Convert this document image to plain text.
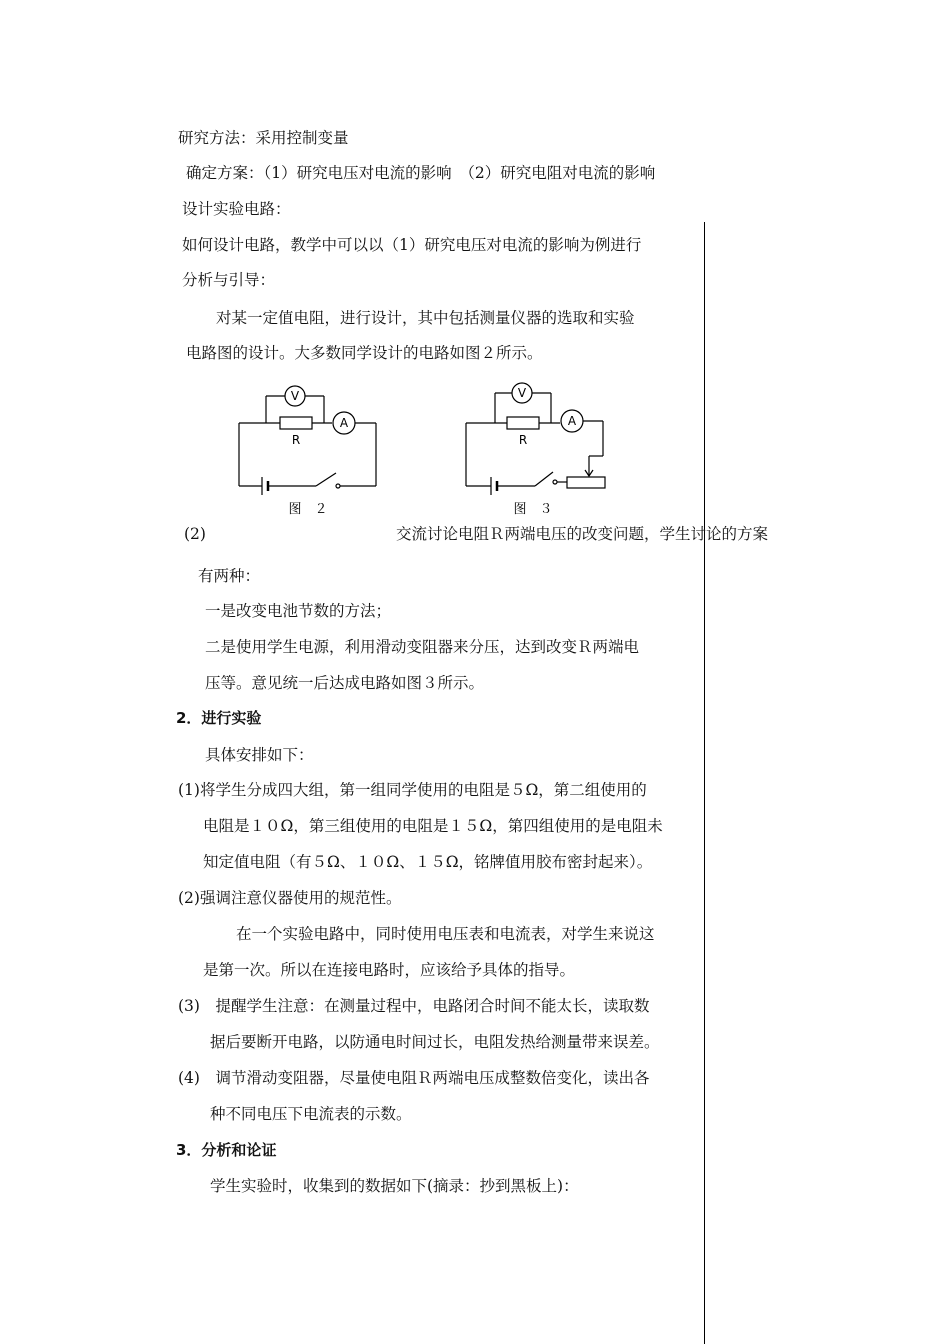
研究方法：采用控制变量
确定方案：（1）研究电压对电流的影响　（2）研究电阻对电流的影响
设计实验电路：
如何设计电路，教学中可以以（1）研究电压对电流的影响为例进行
分析与引导：
对某一定值电阻，进行设计，其中包括测量仪器的选取和实验
电路图的设计。大多数同学设计的电路如图２所示。
V
A
R
图　２
V
A
R
图　３
(2)	交流讨论电阻Ｒ两端电压的改变问题，学生讨论的方案
有两种：
一是改变电池节数的方法；
二是使用学生电源，利用滑动变阻器来分压，达到改变Ｒ两端电
压等。意见统一后达成电路如图３所示。
2．进行实验
具体安排如下：
(1)将学生分成四大组，第一组同学使用的电阻是５Ω，第二组使用的
电阻是１０Ω，第三组使用的电阻是１５Ω，第四组使用的是电阻未
知定值电阻（有５Ω、１０Ω、１５Ω，铭牌值用胶布密封起来）。
(2)强调注意仪器使用的规范性。
在一个实验电路中，同时使用电压表和电流表，对学生来说这
是第一次。所以在连接电路时，应该给予具体的指导。
(3)　提醒学生注意：在测量过程中，电路闭合时间不能太长，读取数
据后要断开电路，以防通电时间过长，电阻发热给测量带来误差。
(4)　调节滑动变阻器，尽量使电阻Ｒ两端电压成整数倍变化，读出各
种不同电压下电流表的示数。
3．分析和论证
学生实验时，收集到的数据如下(摘录：抄到黑板上)：
